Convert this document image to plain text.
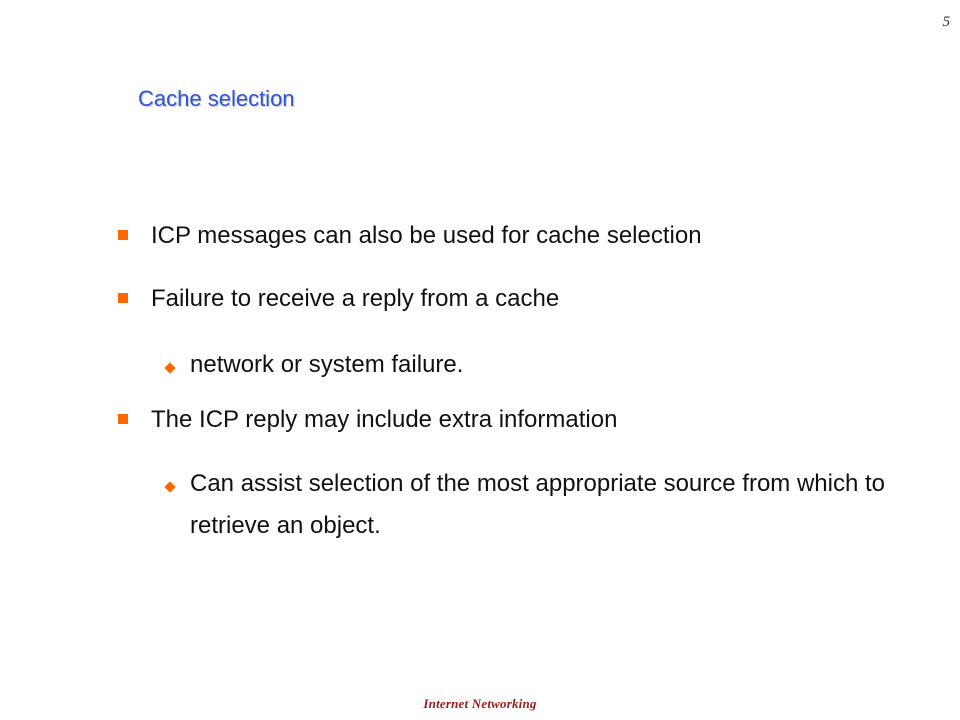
5
Cache selection
ICP messages can also be used for cache selection
Failure to receive a reply from a cache
network or system failure.
The ICP reply may include extra information
Can assist selection of the most appropriate source from which to retrieve an object.
Internet Networking
